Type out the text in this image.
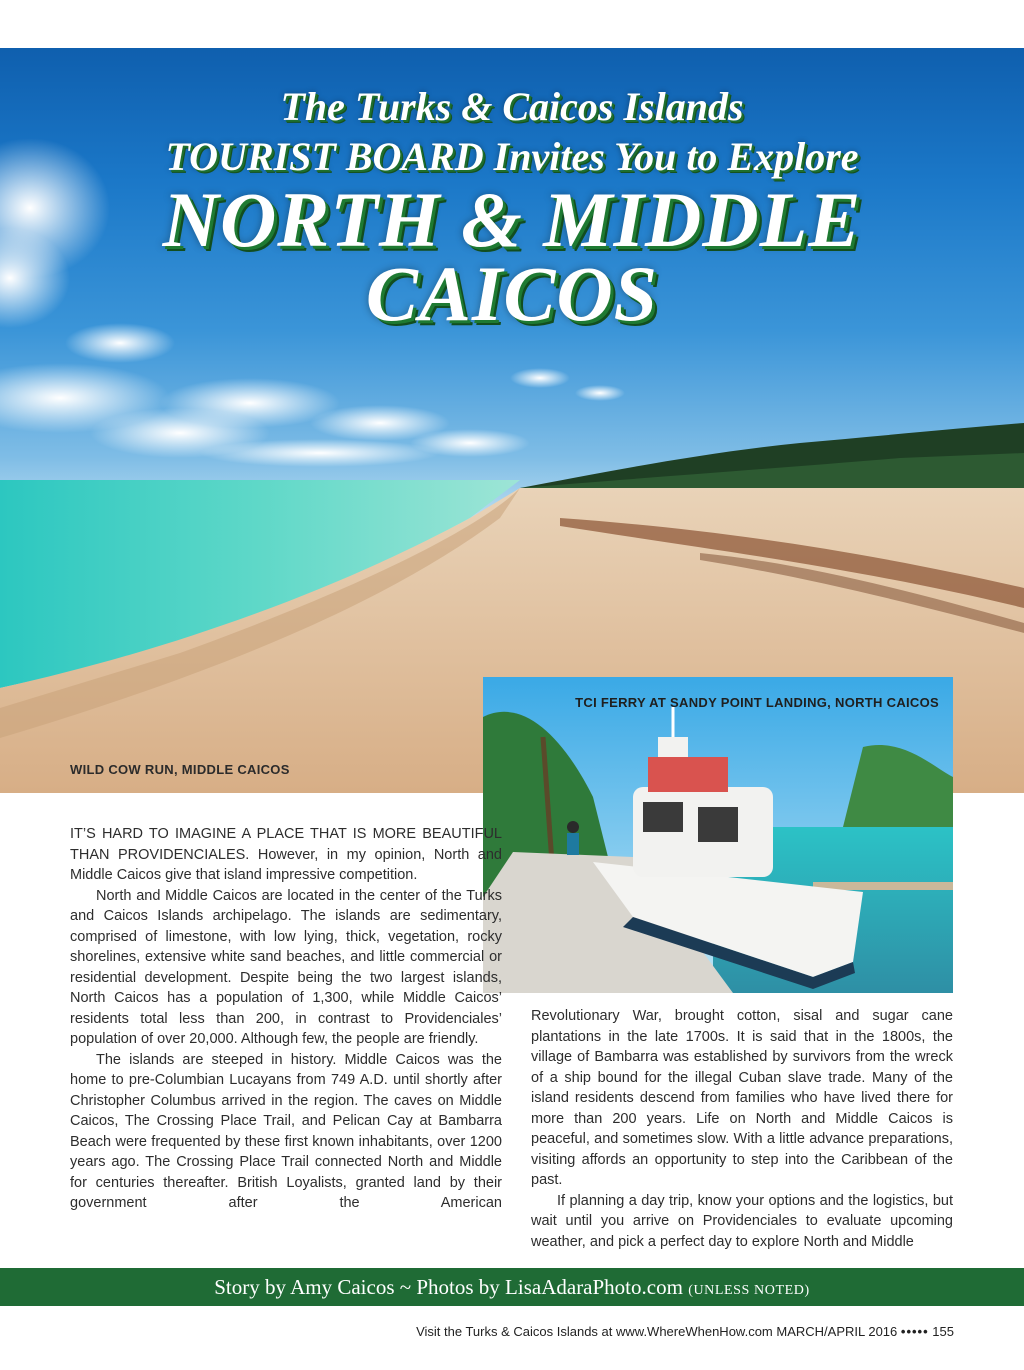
The Turks & Caicos Islands
TOURIST BOARD Invites You to Explore
NORTH & MIDDLE
CAICOS
WILD COW RUN, MIDDLE CAICOS
TCI FERRY AT SANDY POINT LANDING, NORTH CAICOS

IT’S HARD TO IMAGINE A PLACE THAT IS MORE BEAUTIFUL THAN PROVIDENCIALES. However, in my opinion, North and Middle Caicos give that island impressive competition.

North and Middle Caicos are located in the center of the Turks and Caicos Islands archipelago. The islands are sedimentary, comprised of limestone, with low lying, thick, vegetation, rocky shorelines, extensive white sand beaches, and little commercial or residential development. Despite being the two largest islands, North Caicos has a population of 1,300, while Middle Caicos’ residents total less than 200, in contrast to Providenciales’ population of over 20,000. Although few, the people are friendly.

The islands are steeped in history. Middle Caicos was the home to pre-Columbian Lucayans from 749 A.D. until shortly after Christopher Columbus arrived in the region. The caves on Middle Caicos, The Crossing Place Trail, and Pelican Cay at Bambarra Beach were frequented by these first known inhabitants, over 1200 years ago. The Crossing Place Trail connected North and Middle for centuries thereafter. British Loyalists, granted land by their government after the American

Revolutionary War, brought cotton, sisal and sugar cane plantations in the late 1700s. It is said that in the 1800s, the village of Bambarra was established by survivors from the wreck of a ship bound for the illegal Cuban slave trade. Many of the island residents descend from families who have lived there for more than 200 years. Life on North and Middle Caicos is peaceful, and sometimes slow. With a little advance preparations, visiting affords an opportunity to step into the Caribbean of the past.

If planning a day trip, know your options and the logistics, but wait until you arrive on Providenciales to evaluate upcoming weather, and pick a perfect day to explore North and Middle

Story by Amy Caicos ~ Photos by LisaAdaraPhoto.com (UNLESS NOTED)
Visit the Turks & Caicos Islands at www.WhereWhenHow.com MARCH/APRIL 2016 ••••• 155
